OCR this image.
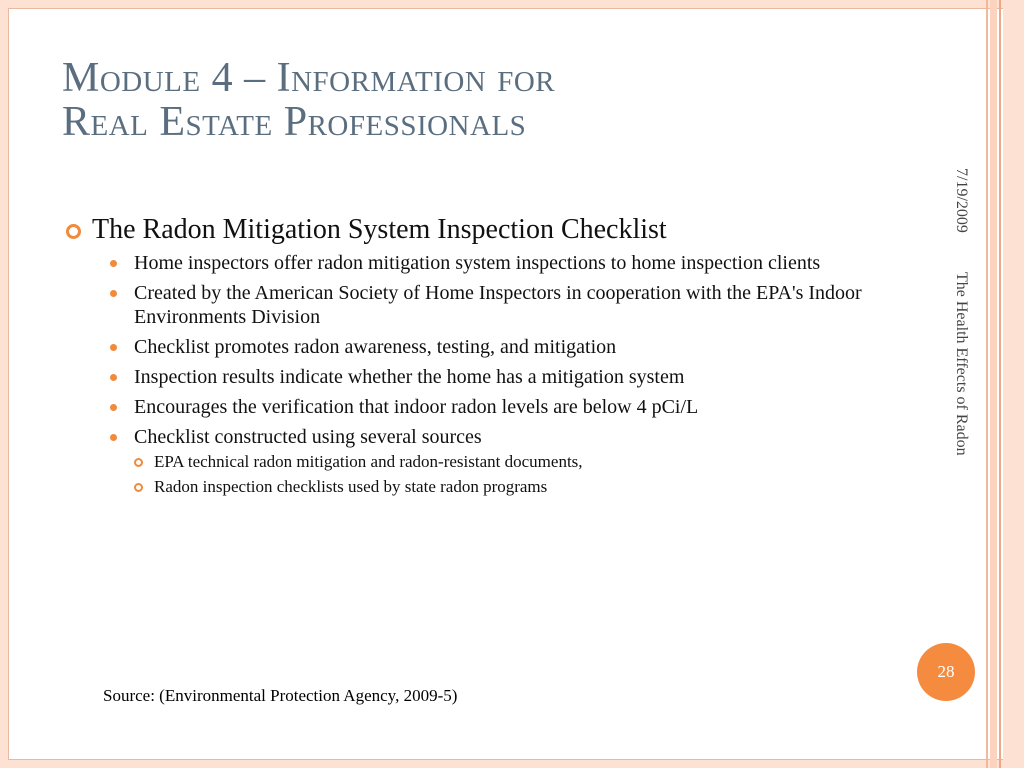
Module 4 – Information for
Real Estate Professionals
The Radon Mitigation System Inspection Checklist
Home inspectors offer radon mitigation system inspections to home inspection clients
Created by the American Society of Home Inspectors in cooperation with the EPA's Indoor Environments Division
Checklist promotes radon awareness, testing, and mitigation
Inspection results indicate whether the home has a mitigation system
Encourages the verification that indoor radon levels are below 4 pCi/L
Checklist constructed using several sources
EPA technical radon mitigation and radon-resistant documents,
Radon inspection checklists used by state radon programs
Source: (Environmental Protection Agency, 2009-5)
7/19/2009
The Health Effects of Radon
28
